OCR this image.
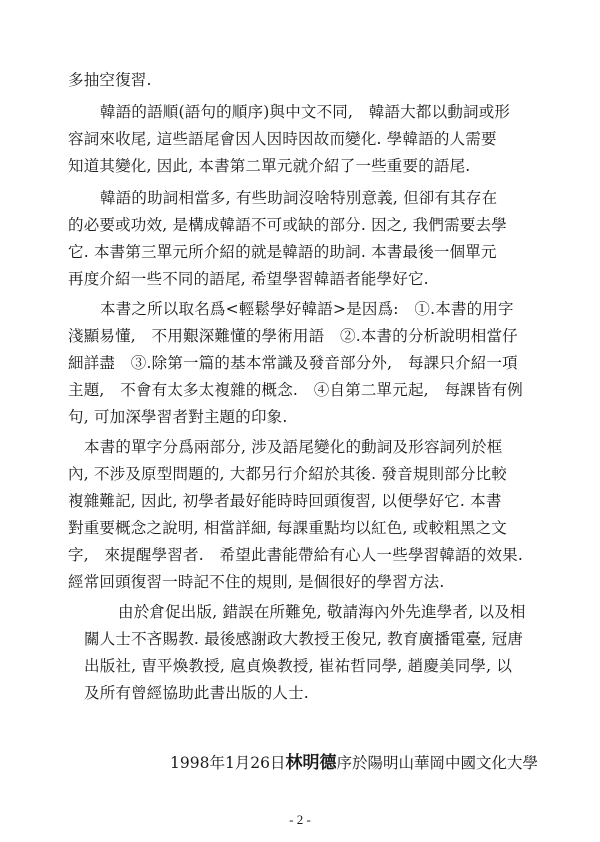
多抽空復習.
韓語的語順(語句的順序)與中文不同,　韓語大都以動詞或形
容詞來收尾, 這些語尾會因人因時因故而變化. 學韓語的人需要
知道其變化, 因此, 本書第二單元就介紹了一些重要的語尾.
韓語的助詞相當多, 有些助詞沒啥特別意義, 但卻有其存在
的必要或功效, 是構成韓語不可或缺的部分. 因之, 我們需要去學
它. 本書第三單元所介紹的就是韓語的助詞. 本書最後一個單元
再度介紹一些不同的語尾, 希望學習韓語者能學好它.
本書之所以取名爲<輕鬆學好韓語>是因爲:　①.本書的用字
淺顯易懂,　不用艱深難懂的學術用語　②.本書的分析說明相當仔
細詳盡　③.除第一篇的基本常識及發音部分外,　每課只介紹一項
主題,　不會有太多太複雜的概念.　④自第二單元起,　每課皆有例
句, 可加深學習者對主題的印象.
本書的單字分爲兩部分, 涉及語尾變化的動詞及形容詞列於框
內, 不涉及原型問題的, 大都另行介紹於其後. 發音規則部分比較
複雜難記, 因此, 初學者最好能時時回頭復習, 以便學好它. 本書
對重要概念之說明, 相當詳細, 每課重點均以紅色, 或較粗黑之文
字,　來提醒學習者.　希望此書能帶給有心人一些學習韓語的效果.
經常回頭復習一時記不住的規則, 是個很好的學習方法.
由於倉促出版, 錯誤在所難免, 敬請海內外先進學者, 以及相
關人士不吝賜教. 最後感謝政大教授王俊兄, 教育廣播電臺, 冠唐
出版社, 曺平煥教授, 扈貞煥教授, 崔祐哲同學, 趙慶美同學, 以
及所有曾經協助此書出版的人士.
1998年1月26日林明德序於陽明山華岡中國文化大學
- 2 -
